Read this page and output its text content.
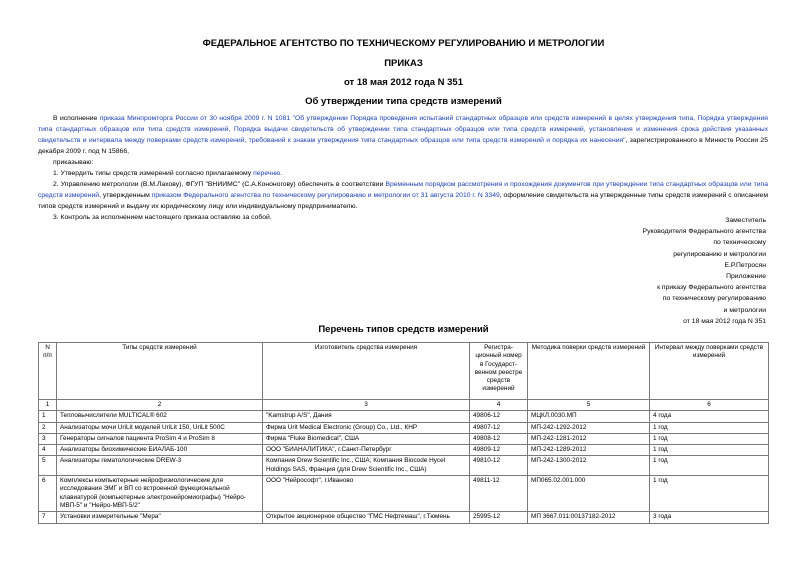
ФЕДЕРАЛЬНОЕ АГЕНТСТВО ПО ТЕХНИЧЕСКОМУ РЕГУЛИРОВАНИЮ И МЕТРОЛОГИИ
ПРИКАЗ
от 18 мая 2012 года N 351
Об утверждении типа средств измерений
В исполнение приказа Минпромторга России от 30 ноября 2009 г. N 1081 "Об утверждении Порядка проведения испытаний стандартных образцов или средств измерений в целях утверждения типа, Порядка утверждения типа стандартных образцов или типа средств измерений, Порядка выдачи свидетельств об утверждении типа стандартных образцов или типа средств измерений, установления и изменения срока действия указанных свидетельств и интервала между поверками средств измерений, требований к знакам утверждения типа стандартных образцов или типа средств измерений и порядка их нанесения", зарегистрированного в Минюсте России 25 декабря 2009 г. под N 15866,
приказываю:
1. Утвердить типы средств измерений согласно прилагаемому перечню.
2. Управлению метрологии (В.М.Лахову), ФГУП "ВНИИМС" (С.А.Кононогову) обеспечить в соответствии Временным порядком рассмотрения и прохождения документов при утверждении типа стандартных образцов или типа средств измерений, утвержденным приказом Федерального агентства по техническому регулированию и метрологии от 31 августа 2010 г. N 3349, оформление свидетельств на утвержденные типы средств измерений с описанием типов средств измерений и выдачу их юридическому лицу или индивидуальному предпринимателю.
3. Контроль за исполнением настоящего приказа оставляю за собой.	Заместитель
Руководителя Федерального агентства
по техническому
регулированию и метрологии
Е.Р.Петросян
Приложение
к приказу Федерального агентства
по техническому регулированию
и метрологии
от 18 мая 2012 года N 351
Перечень типов средств измерений
N п/п	Типы средств измерений	Изготовитель средства измерения	Регистра-ционный номер в Государст-венном реестре средств измерений	Методика поверки средств измерений	Интервал между поверками средств измерений
1	2	3	4	5	6
1	Тепловычислители MULTICAL® 602	"Kamstrup A/S", Дания	49806-12	МЦКЛ.0030.МП	4 года
2	Анализаторы мочи UriLit моделей UriLit 150, UriLit 500C	Фирма Urit Medical Electronic (Group) Co., Ltd., КНР	49807-12	МП-242-1292-2012	1 год
3	Генераторы сигналов пациента ProSim 4 и ProSim 8	Фирма "Fluke Biomedical", США	49808-12	МП-242-1281-2012	1 год
4	Анализаторы биохимические БИАЛАБ-100	ООО "БИАНАЛИТИКА", г.Санкт-Петербург	49809-12	МП-242-1289-2012	1 год
5	Анализаторы гематологические DREW-3	Компания Drew Scientific Inc., США; Компания Biocode Hycel Holdings SAS, Франция (для Drew Scientific Inc., США)	49810-12	МП-242-1300-2012	1 год
6	Комплексы компьютерные нейрофизиологические для исследования ЭМГ и ВП со встроенной функциональной клавиатурой (компьютерные электронейромиографы) "Нейро-МВП-5" и "Нейро-МВП-5/2"	ООО "Нейрософт", г.Иваново	49811-12	МП065.02.001.000	1 год
7	Установки измерительные "Мера"	Открытое акционерное общество "ГМС Нефтемаш", г.Тюмень	25995-12	МП 3667.011:00137182-2012	3 года
